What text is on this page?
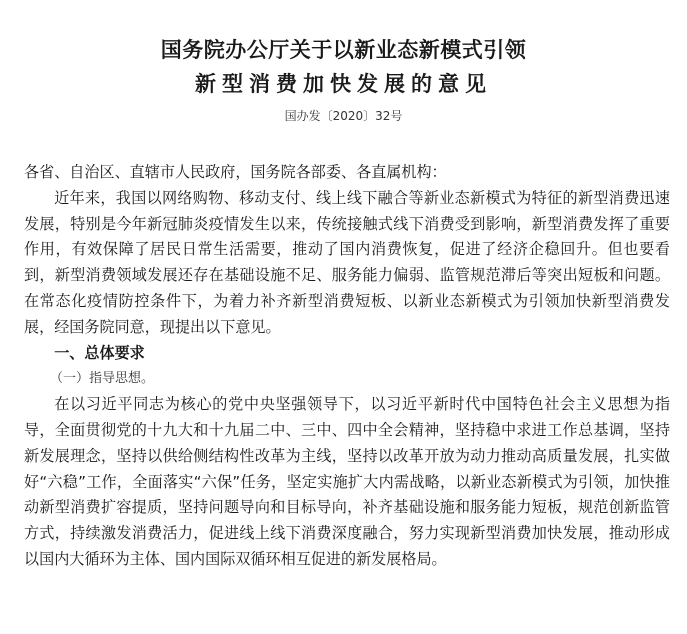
国务院办公厅关于以新业态新模式引领
新型消费加快发展的意见
国办发〔2020〕32号

各省、自治区、直辖市人民政府，国务院各部委、各直属机构：

近年来，我国以网络购物、移动支付、线上线下融合等新业态新模式为特征的新型消费迅速发展，特别是今年新冠肺炎疫情发生以来，传统接触式线下消费受到影响，新型消费发挥了重要作用，有效保障了居民日常生活需要，推动了国内消费恢复，促进了经济企稳回升。但也要看到，新型消费领域发展还存在基础设施不足、服务能力偏弱、监管规范滞后等突出短板和问题。在常态化疫情防控条件下，为着力补齐新型消费短板、以新业态新模式为引领加快新型消费发展，经国务院同意，现提出以下意见。

一、总体要求

（一）指导思想。

在以习近平同志为核心的党中央坚强领导下，以习近平新时代中国特色社会主义思想为指导，全面贯彻党的十九大和十九届二中、三中、四中全会精神，坚持稳中求进工作总基调，坚持新发展理念，坚持以供给侧结构性改革为主线，坚持以改革开放为动力推动高质量发展，扎实做好“六稳”工作，全面落实“六保”任务，坚定实施扩大内需战略，以新业态新模式为引领，加快推动新型消费扩容提质，坚持问题导向和目标导向，补齐基础设施和服务能力短板，规范创新监管方式，持续激发消费活力，促进线上线下消费深度融合，努力实现新型消费加快发展，推动形成以国内大循环为主体、国内国际双循环相互促进的新发展格局。
